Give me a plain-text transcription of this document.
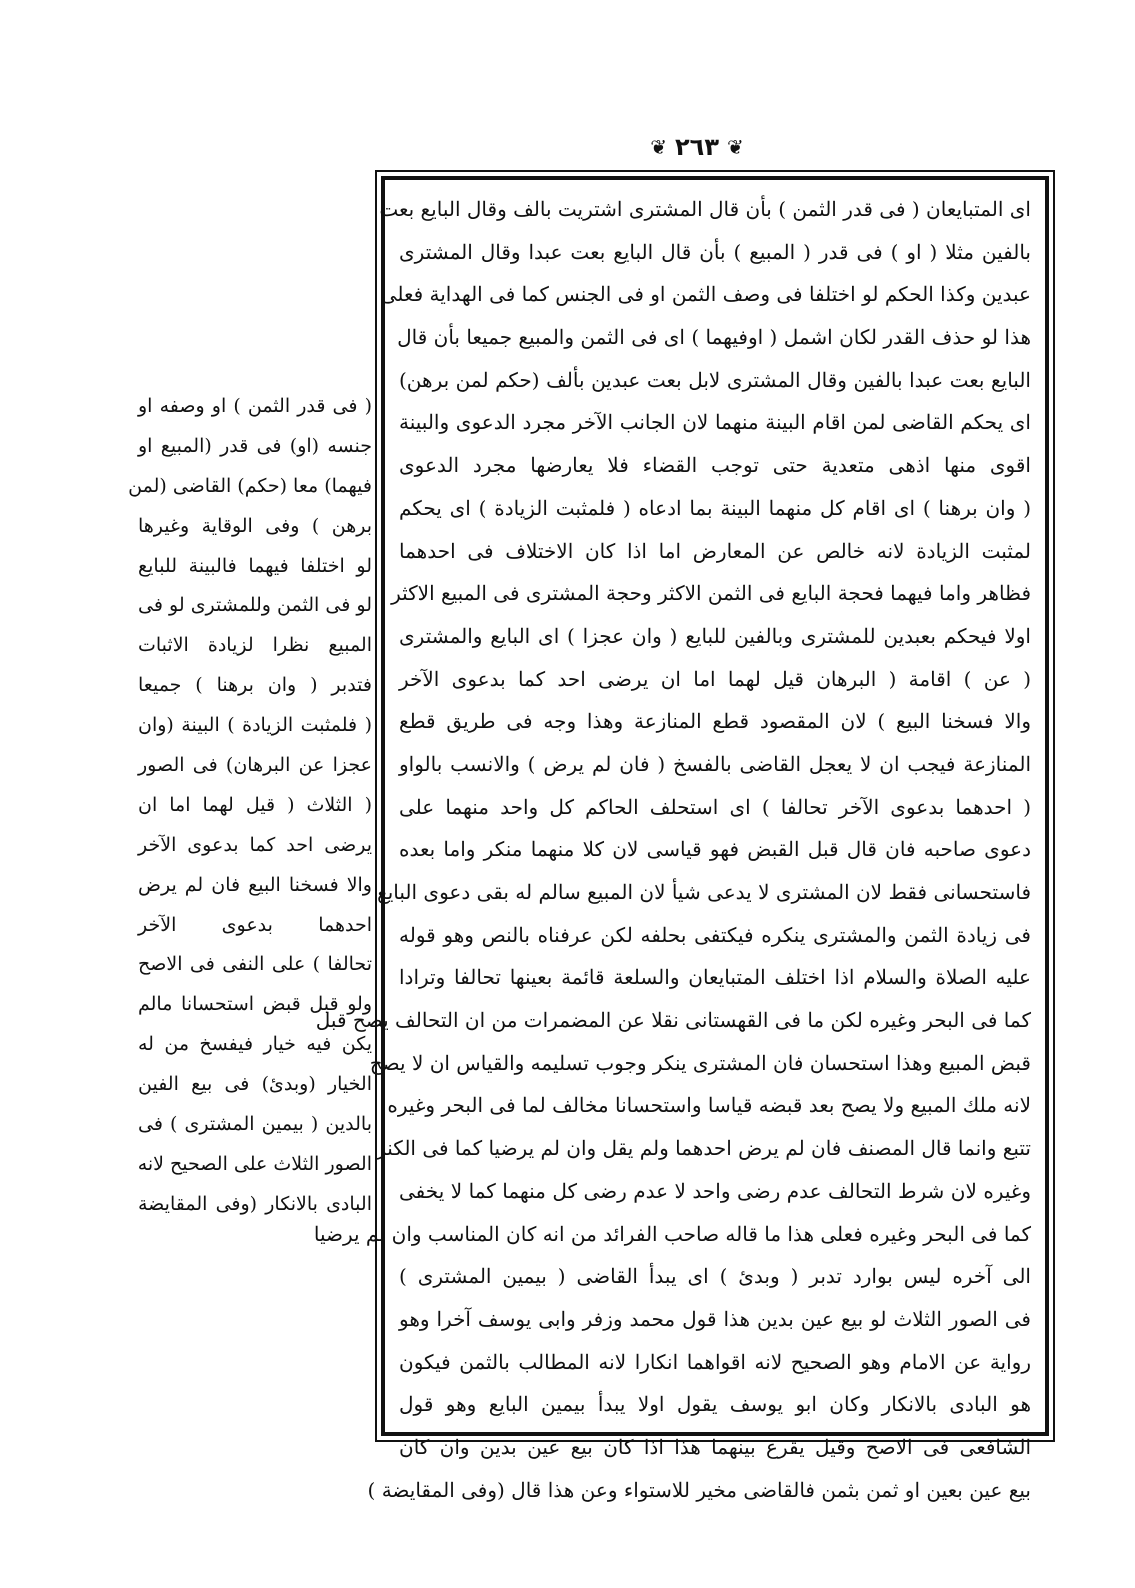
❦
٢٦٣
❦
اى المتبايعان ( فى قدر الثمن ) بأن قال المشترى اشتريت بالف وقال البايع بعت
بالفين مثلا ( او ) فى قدر ( المبيع ) بأن قال البايع بعت عبدا وقال المشترى
عبدين وكذا الحكم لو اختلفا فى وصف الثمن او فى الجنس كما فى الهداية فعلى
هذا لو حذف القدر لكان اشمل ( اوفيهما ) اى فى الثمن والمبيع جميعا بأن قال
البايع بعت عبدا بالفين وقال المشترى لابل بعت عبدين بألف (حكم لمن برهن)
اى يحكم القاضى لمن اقام البينة منهما لان الجانب الآخر مجرد الدعوى والبينة
اقوى منها اذهى متعدية حتى توجب القضاء فلا يعارضها مجرد الدعوى
( وان برهنا ) اى اقام كل منهما البينة بما ادعاه ( فلمثبت الزيادة ) اى يحكم
لمثبت الزيادة لانه خالص عن المعارض اما اذا كان الاختلاف فى احدهما
فظاهر واما فيهما فحجة البايع فى الثمن الاكثر وحجة المشترى فى المبيع الاكثر
اولا فيحكم بعبدين للمشترى وبالفين للبايع ( وان عجزا ) اى البايع والمشترى
( عن ) اقامة ( البرهان قيل لهما اما ان يرضى احد كما بدعوى الآخر
والا فسخنا البيع ) لان المقصود قطع المنازعة وهذا وجه فى طريق قطع
المنازعة فيجب ان لا يعجل القاضى بالفسخ ( فان لم يرض ) والانسب بالواو
( احدهما بدعوى الآخر تحالفا ) اى استحلف الحاكم كل واحد منهما على
دعوى صاحبه فان قال قبل القبض فهو قياسى لان كلا منهما منكر واما بعده
فاستحسانى فقط لان المشترى لا يدعى شيأ لان المبيع سالم له بقى دعوى البايع
فى زيادة الثمن والمشترى ينكره فيكتفى بحلفه لكن عرفناه بالنص وهو قوله
عليه الصلاة والسلام اذا اختلف المتبايعان والسلعة قائمة بعينها تحالفا وترادا
كما فى البحر وغيره لكن ما فى القهستانى نقلا عن المضمرات من ان التحالف يصح قبل
قبض المبيع وهذا استحسان فان المشترى ينكر وجوب تسليمه والقياس ان لا يصح
لانه ملك المبيع ولا يصح بعد قبضه قياسا واستحسانا مخالف لما فى البحر وغيره
تتبع وانما قال المصنف فان لم يرض احدهما ولم يقل وان لم يرضيا كما فى الكنز
وغيره لان شرط التحالف عدم رضى واحد لا عدم رضى كل منهما كما لا يخفى
كما فى البحر وغيره فعلى هذا ما قاله صاحب الفرائد من انه كان المناسب وان لم يرضيا
الى آخره ليس بوارد تدبر ( وبدئ ) اى يبدأ القاضى ( بيمين المشترى )
فى الصور الثلاث لو بيع عين بدين هذا قول محمد وزفر وابى يوسف آخرا وهو
رواية عن الامام وهو الصحيح لانه اقواهما انكارا لانه المطالب بالثمن فيكون
هو البادى بالانكار وكان ابو يوسف يقول اولا يبدأ بيمين البايع وهو قول
الشافعى فى الاصح وقيل يقرع بينهما هذا اذا كان بيع عين بدين وان كان
بيع عين بعين او ثمن بثمن فالقاضى مخير للاستواء وعن هذا قال (وفى المقايضة )
( فى قدر الثمن ) او وصفه او
جنسه (او) فى قدر (المبيع او
فيهما) معا (حكم) القاضى (لمن
برهن ) وفى الوقاية وغيرها
لو اختلفا فيهما فالبينة للبايع
لو فى الثمن وللمشترى لو فى
المبيع نظرا لزيادة الاثبات
فتدبر ( وان برهنا ) جميعا
( فلمثبت الزيادة ) البينة (وان
عجزا عن البرهان) فى الصور
( الثلاث ( قيل لهما اما ان
يرضى احد كما بدعوى الآخر
والا فسخنا البيع فان لم يرض
احدهما بدعوى الآخر
تحالفا ) على النفى فى الاصح
ولو قبل قبض استحسانا مالم
يكن فيه خيار فيفسخ من له
الخيار (وبدئ) فى بيع الفين
بالدين ( بيمين المشترى ) فى
الصور الثلاث على الصحيح لانه
البادى بالانكار (وفى المقايضة
